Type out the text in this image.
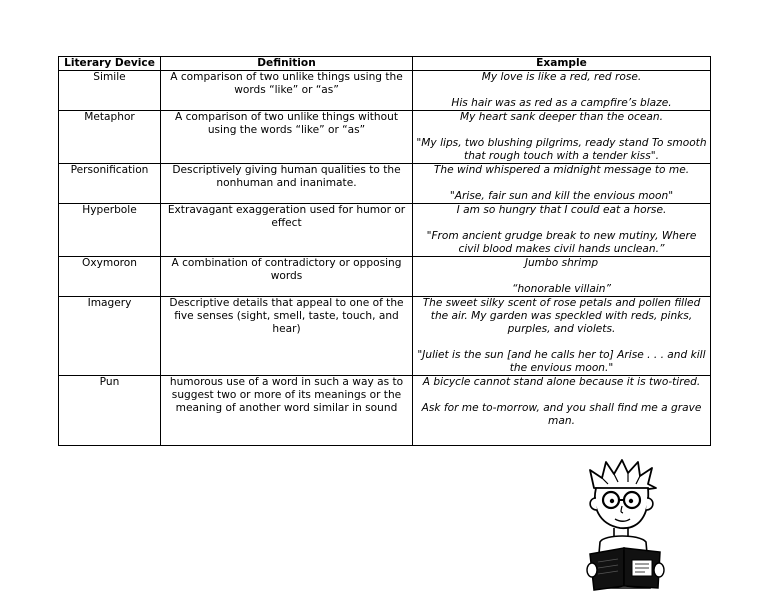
Literary Device	Definition	Example
Simile	A comparison of two unlike things using the words “like” or “as”	My love is like a red, red rose.

His hair was as red as a campfire’s blaze.

Metaphor	A comparison of two unlike things without using the words “like” or “as”	My heart sank deeper than the ocean.

"My lips, two blushing pilgrims, ready stand To smooth that rough touch with a tender kiss".

Personification	Descriptively giving human qualities to the nonhuman and inanimate.	The wind whispered a midnight message to me.

"Arise, fair sun and kill the envious moon"

Hyperbole	Extravagant exaggeration used for humor or effect	I am so hungry that I could eat a horse.

"From ancient grudge break to new mutiny, Where civil blood makes civil hands unclean.”

Oxymoron	A combination of contradictory or opposing words	Jumbo shrimp

“honorable villain”

Imagery	Descriptive details that appeal to one of the five senses (sight, smell, taste, touch, and hear)	The sweet silky scent of rose petals and pollen filled the air. My garden was speckled with reds, pinks, purples, and violets.

"Juliet is the sun [and he calls her to] Arise . . . and kill the envious moon."

Pun	humorous use of a word in such a way as to suggest two or more of its meanings or the meaning of another word similar in sound	A bicycle cannot stand alone because it is two-tired.

Ask for me to-morrow, and you shall find me a grave man.
